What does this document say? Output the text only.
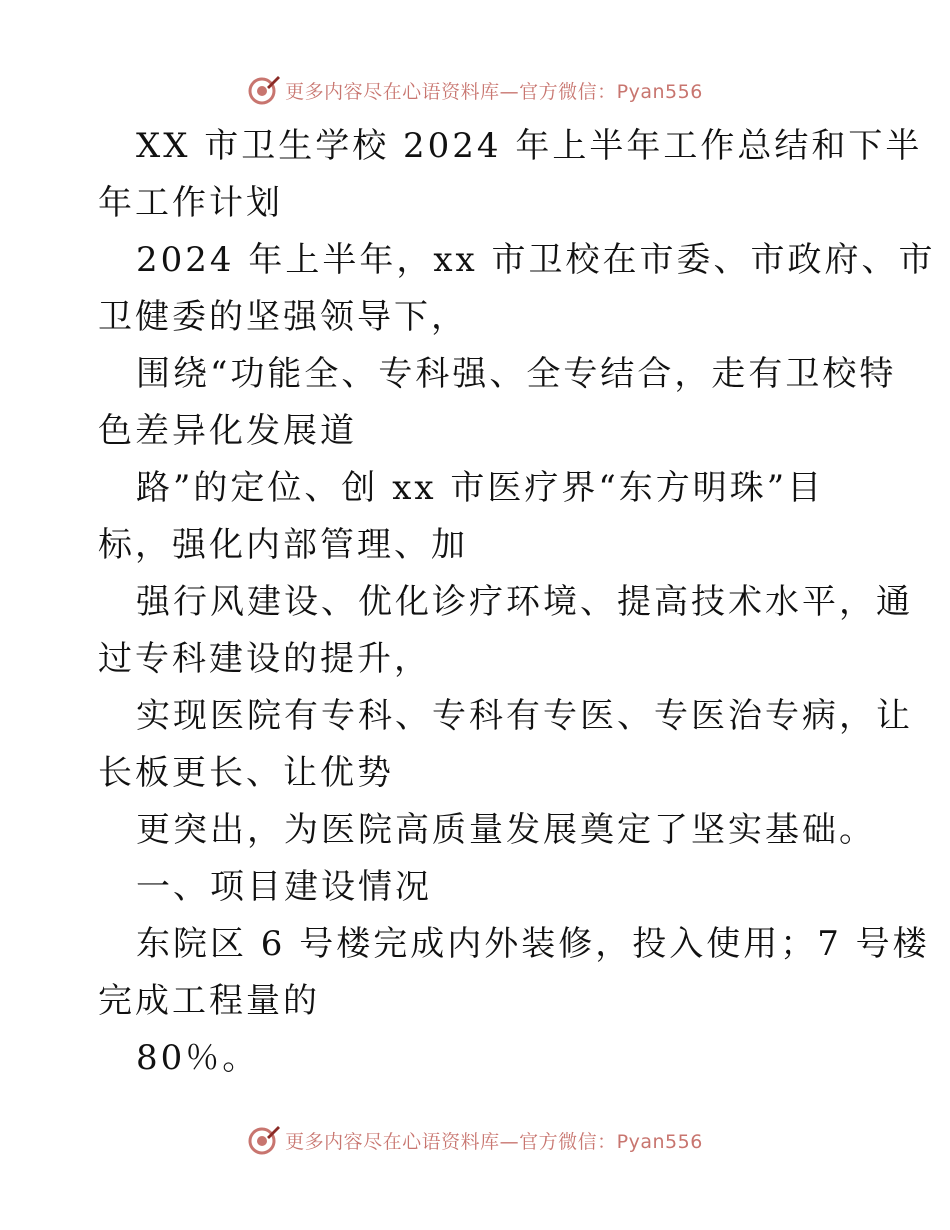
更多内容尽在心语资料库—官方微信：Pyan556

XX 市卫生学校 2024 年上半年工作总结和下半
年工作计划

2024 年上半年，xx 市卫校在市委、市政府、市
卫健委的坚强领导下，

围绕“功能全、专科强、全专结合，走有卫校特
色差异化发展道

路”的定位、创 xx 市医疗界“东方明珠”目
标，强化内部管理、加

强行风建设、优化诊疗环境、提高技术水平，通
过专科建设的提升，

实现医院有专科、专科有专医、专医治专病，让
长板更长、让优势

更突出，为医院高质量发展奠定了坚实基础。

一、项目建设情况

东院区 6 号楼完成内外装修，投入使用；7 号楼
完成工程量的

80％。

更多内容尽在心语资料库—官方微信：Pyan556
